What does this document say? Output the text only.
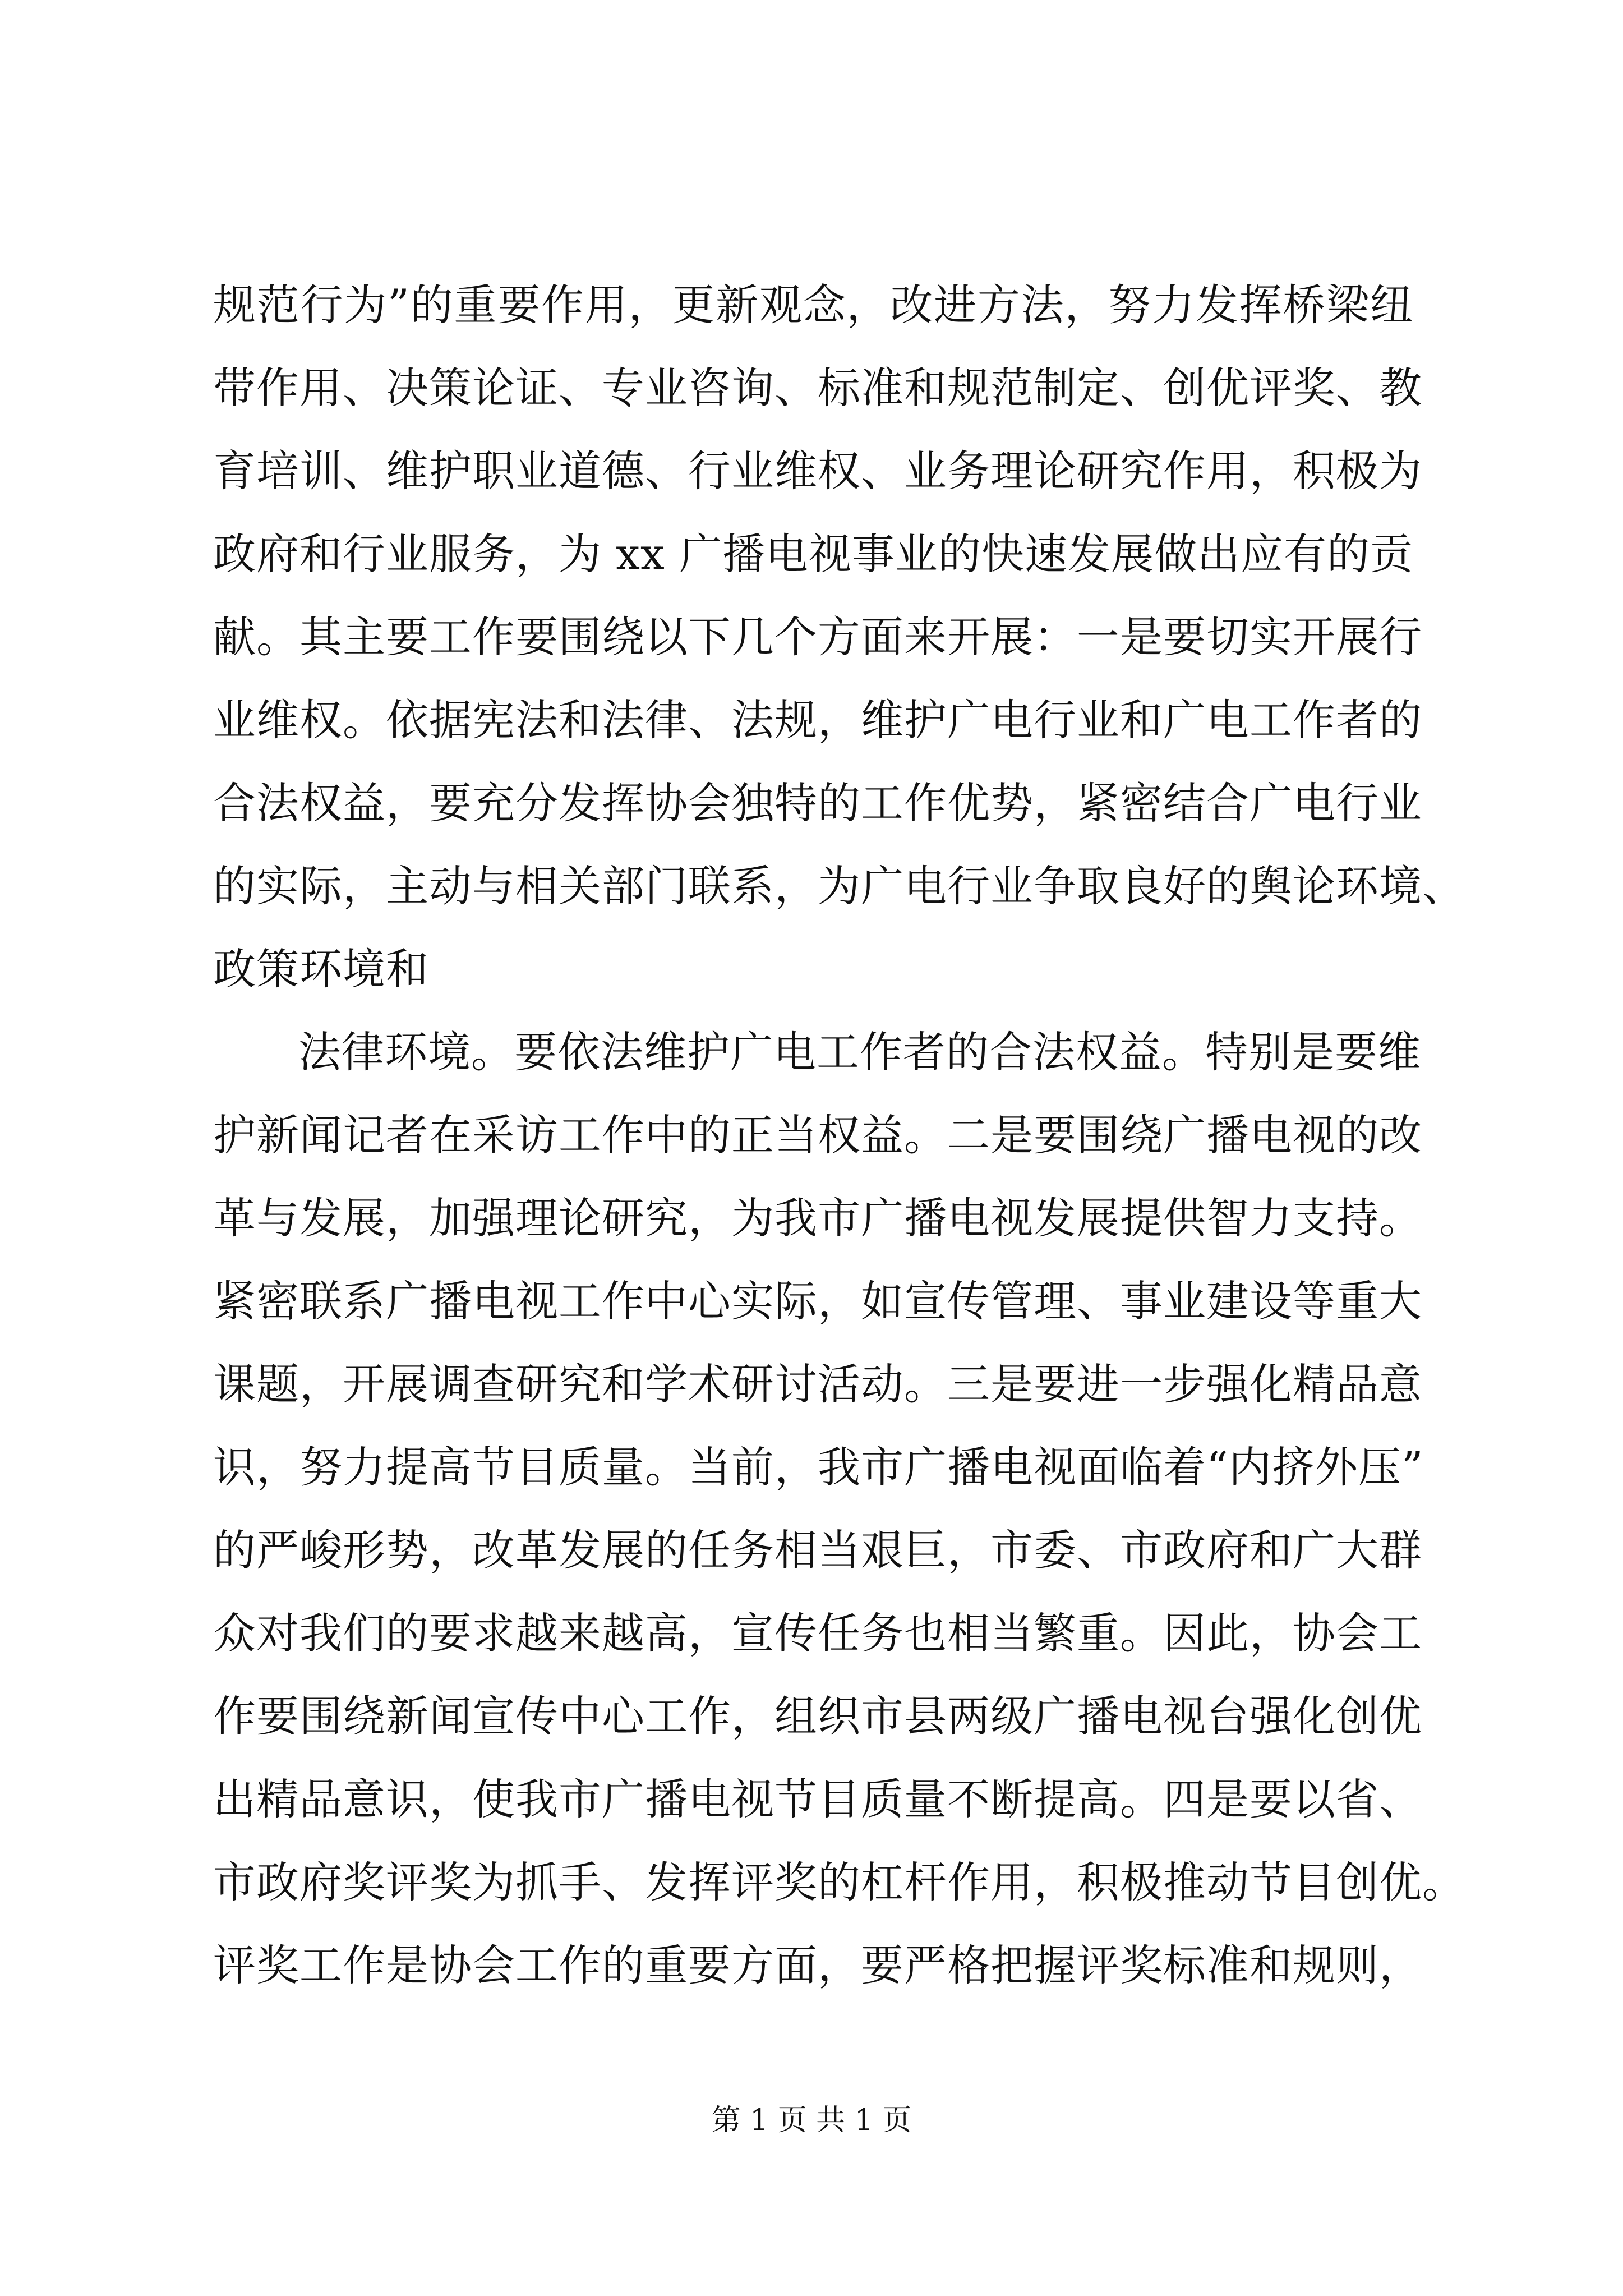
规范行为”的重要作用，更新观念，改进方法，努力发挥桥梁纽
带作用、决策论证、专业咨询、标准和规范制定、创优评奖、教
育培训、维护职业道德、行业维权、业务理论研究作用，积极为
政府和行业服务，为 xx 广播电视事业的快速发展做出应有的贡
献。其主要工作要围绕以下几个方面来开展：一是要切实开展行
业维权。依据宪法和法律、法规，维护广电行业和广电工作者的
合法权益，要充分发挥协会独特的工作优势，紧密结合广电行业
的实际，主动与相关部门联系，为广电行业争取良好的舆论环境、
政策环境和
法律环境。要依法维护广电工作者的合法权益。特别是要维
护新闻记者在采访工作中的正当权益。二是要围绕广播电视的改
革与发展，加强理论研究，为我市广播电视发展提供智力支持。
紧密联系广播电视工作中心实际，如宣传管理、事业建设等重大
课题，开展调查研究和学术研讨活动。三是要进一步强化精品意
识，努力提高节目质量。当前，我市广播电视面临着“内挤外压”
的严峻形势，改革发展的任务相当艰巨，市委、市政府和广大群
众对我们的要求越来越高，宣传任务也相当繁重。因此，协会工
作要围绕新闻宣传中心工作，组织市县两级广播电视台强化创优
出精品意识，使我市广播电视节目质量不断提高。四是要以省、
市政府奖评奖为抓手、发挥评奖的杠杆作用，积极推动节目创优。
评奖工作是协会工作的重要方面，要严格把握评奖标准和规则，
第 1 页 共 1 页
